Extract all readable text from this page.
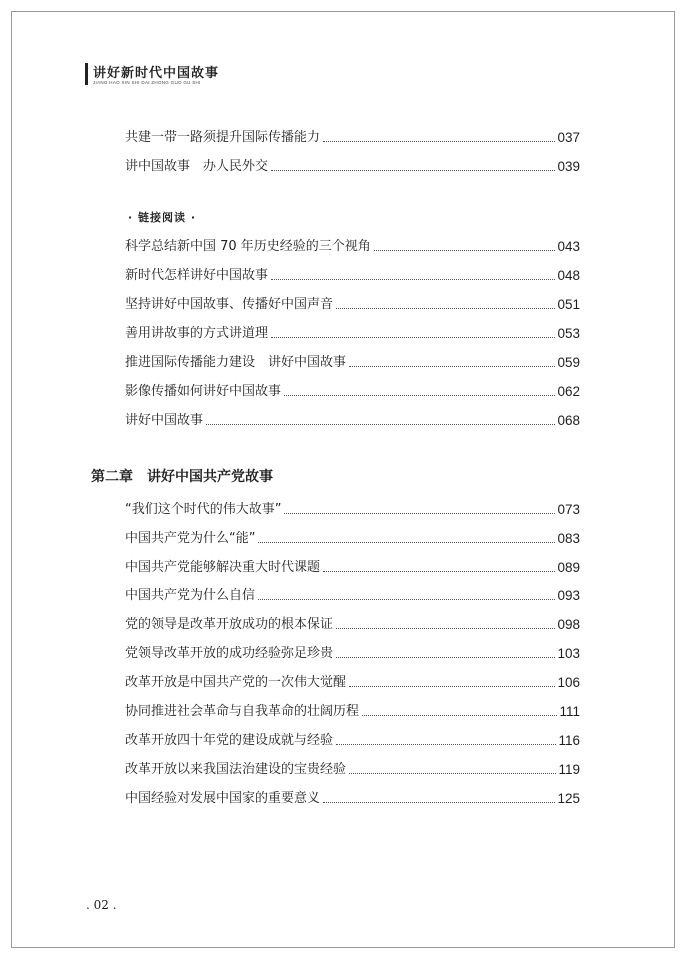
讲好新时代中国故事
JIANG HAO XIN SHI DAI ZHONG GUO GU SHI
共建一带一路须提升国际传播能力	037
讲中国故事　办人民外交	039
· 链接阅读 ·
科学总结新中国 70 年历史经验的三个视角	043
新时代怎样讲好中国故事	048
坚持讲好中国故事、传播好中国声音	051
善用讲故事的方式讲道理	053
推进国际传播能力建设　讲好中国故事	059
影像传播如何讲好中国故事	062
讲好中国故事	068
第二章　讲好中国共产党故事
“我们这个时代的伟大故事”	073
中国共产党为什么“能”	083
中国共产党能够解决重大时代课题	089
中国共产党为什么自信	093
党的领导是改革开放成功的根本保证	098
党领导改革开放的成功经验弥足珍贵	103
改革开放是中国共产党的一次伟大觉醒	106
协同推进社会革命与自我革命的壮阔历程	111
改革开放四十年党的建设成就与经验	116
改革开放以来我国法治建设的宝贵经验	119
中国经验对发展中国家的重要意义	125
. 02 .
